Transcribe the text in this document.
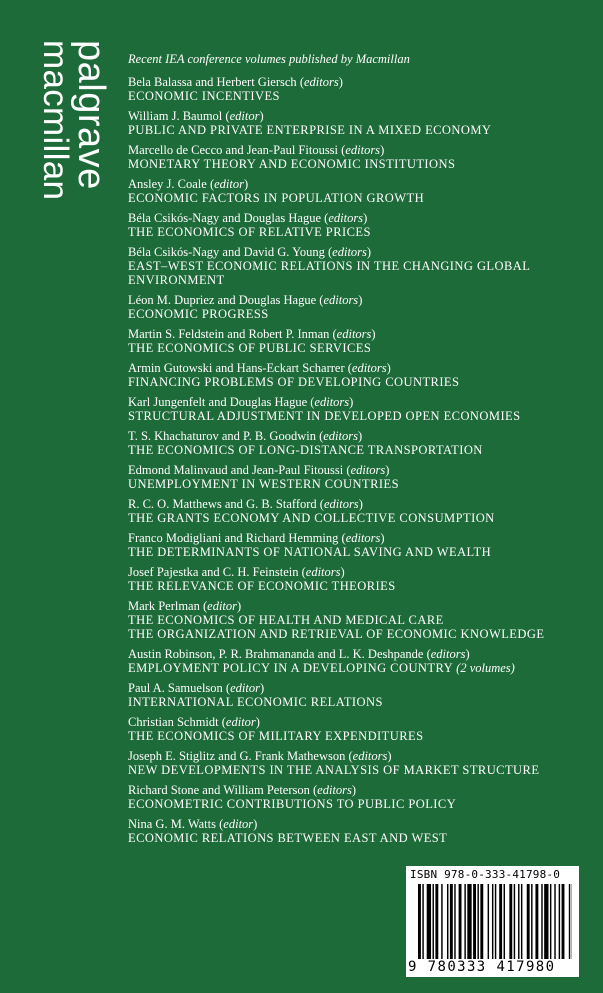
palgrave
macmillan	Recent IEA conference volumes published by Macmillan
Bela Balassa and Herbert Giersch (editors)
ECONOMIC INCENTIVES
William J. Baumol (editor)
PUBLIC AND PRIVATE ENTERPRISE IN A MIXED ECONOMY
Marcello de Cecco and Jean-Paul Fitoussi (editors)
MONETARY THEORY AND ECONOMIC INSTITUTIONS
Ansley J. Coale (editor)
ECONOMIC FACTORS IN POPULATION GROWTH
Béla Csikós-Nagy and Douglas Hague (editors)
THE ECONOMICS OF RELATIVE PRICES
Béla Csikós-Nagy and David G. Young (editors)
EAST–WEST ECONOMIC RELATIONS IN THE CHANGING GLOBAL ENVIRONMENT
Léon M. Dupriez and Douglas Hague (editors)
ECONOMIC PROGRESS
Martin S. Feldstein and Robert P. Inman (editors)
THE ECONOMICS OF PUBLIC SERVICES
Armin Gutowski and Hans-Eckart Scharrer (editors)
FINANCING PROBLEMS OF DEVELOPING COUNTRIES
Karl Jungenfelt and Douglas Hague (editors)
STRUCTURAL ADJUSTMENT IN DEVELOPED OPEN ECONOMIES
T. S. Khachaturov and P. B. Goodwin (editors)
THE ECONOMICS OF LONG-DISTANCE TRANSPORTATION
Edmond Malinvaud and Jean-Paul Fitoussi (editors)
UNEMPLOYMENT IN WESTERN COUNTRIES
R. C. O. Matthews and G. B. Stafford (editors)
THE GRANTS ECONOMY AND COLLECTIVE CONSUMPTION
Franco Modigliani and Richard Hemming (editors)
THE DETERMINANTS OF NATIONAL SAVING AND WEALTH
Josef Pajestka and C. H. Feinstein (editors)
THE RELEVANCE OF ECONOMIC THEORIES
Mark Perlman (editor)
THE ECONOMICS OF HEALTH AND MEDICAL CARE
THE ORGANIZATION AND RETRIEVAL OF ECONOMIC KNOWLEDGE
Austin Robinson, P. R. Brahmananda and L. K. Deshpande (editors)
EMPLOYMENT POLICY IN A DEVELOPING COUNTRY (2 volumes)
Paul A. Samuelson (editor)
INTERNATIONAL ECONOMIC RELATIONS
Christian Schmidt (editor)
THE ECONOMICS OF MILITARY EXPENDITURES
Joseph E. Stiglitz and G. Frank Mathewson (editors)
NEW DEVELOPMENTS IN THE ANALYSIS OF MARKET STRUCTURE
Richard Stone and William Peterson (editors)
ECONOMETRIC CONTRIBUTIONS TO PUBLIC POLICY
Nina G. M. Watts (editor)
ECONOMIC RELATIONS BETWEEN EAST AND WEST
ISBN 978-0-333-41798-0
9 780333 417980
